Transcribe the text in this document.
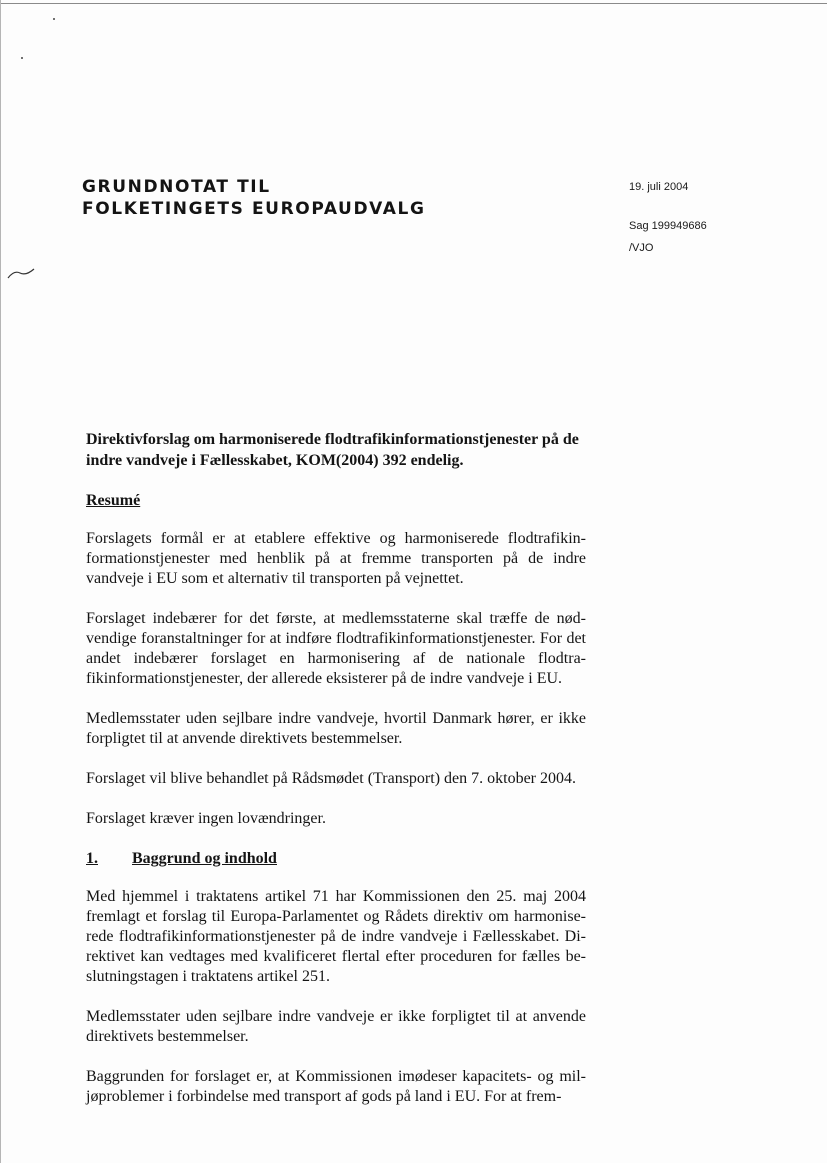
GRUNDNOTAT TIL
FOLKETINGETS EUROPAUDVALG
19. juli 2004
Sag 199949686
/VJO

Direktivforslag om harmoniserede flodtrafikinformationstjenester på de indre vandveje i Fællesskabet, KOM(2004) 392 endelig.

Resumé

Forslagets formål er at etablere effektive og harmoniserede flodtrafikinformationstjenester med henblik på at fremme transporten på de indre vandveje i EU som et alternativ til transporten på vejnettet.

Forslaget indebærer for det første, at medlemsstaterne skal træffe de nødvendige foranstaltninger for at indføre flodtrafikinformationstjenester. For det andet indebærer forslaget en harmonisering af de nationale flodtrafikinformationstjenester, der allerede eksisterer på de indre vandveje i EU.

Medlemsstater uden sejlbare indre vandveje, hvortil Danmark hører, er ikke forpligtet til at anvende direktivets bestemmelser.

Forslaget vil blive behandlet på Rådsmødet (Transport) den 7. oktober 2004.

Forslaget kræver ingen lovændringer.

1.	Baggrund og indhold

Med hjemmel i traktatens artikel 71 har Kommissionen den 25. maj 2004 fremlagt et forslag til Europa-Parlamentet og Rådets direktiv om harmoniserede flodtrafikinformationstjenester på de indre vandveje i Fællesskabet. Direktivet kan vedtages med kvalificeret flertal efter proceduren for fælles beslutningstagen i traktatens artikel 251.

Medlemsstater uden sejlbare indre vandveje er ikke forpligtet til at anvende direktivets bestemmelser.

Baggrunden for forslaget er, at Kommissionen imødeser kapacitets- og miljøproblemer i forbindelse med transport af gods på land i EU. For at frem-
